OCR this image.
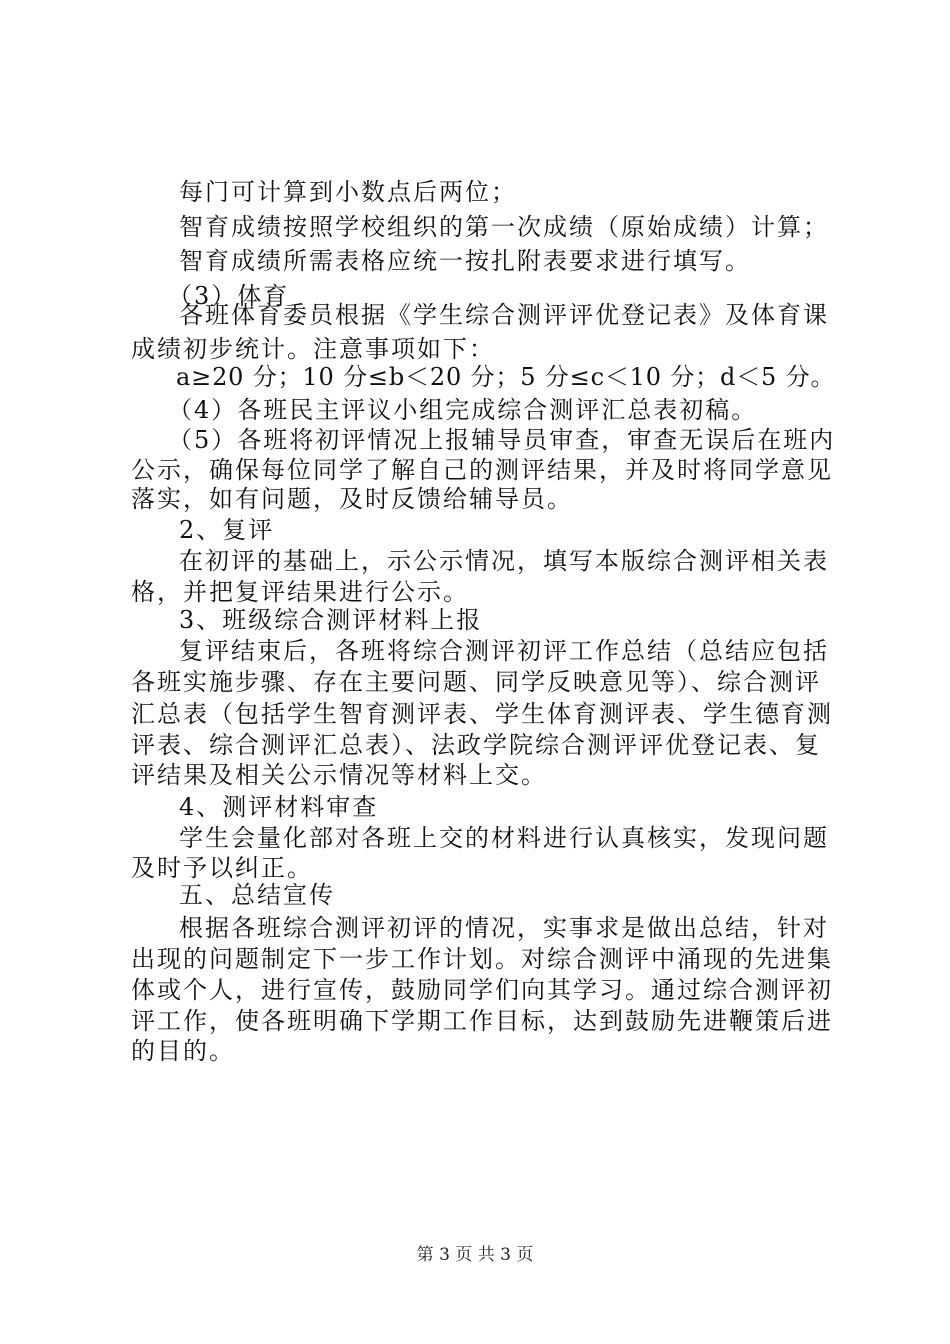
每门可计算到小数点后两位；
智育成绩按照学校组织的第一次成绩（原始成绩）计算；
智育成绩所需表格应统一按扎附表要求进行填写。
（3）体育
各班体育委员根据《学生综合测评评优登记表》及体育课
成绩初步统计。注意事项如下：
a≥20 分；10 分≤b＜20 分；5 分≤c＜10 分；d＜5 分。
（4）各班民主评议小组完成综合测评汇总表初稿。
（5）各班将初评情况上报辅导员审查，审查无误后在班内
公示，确保每位同学了解自己的测评结果，并及时将同学意见
落实，如有问题，及时反馈给辅导员。
2、复评
在初评的基础上，示公示情况，填写本版综合测评相关表
格，并把复评结果进行公示。
3、班级综合测评材料上报
复评结束后，各班将综合测评初评工作总结（总结应包括
各班实施步骤、存在主要问题、同学反映意见等）、综合测评
汇总表（包括学生智育测评表、学生体育测评表、学生德育测
评表、综合测评汇总表）、法政学院综合测评评优登记表、复
评结果及相关公示情况等材料上交。
4、测评材料审查
学生会量化部对各班上交的材料进行认真核实，发现问题
及时予以纠正。
五、总结宣传
根据各班综合测评初评的情况，实事求是做出总结，针对
出现的问题制定下一步工作计划。对综合测评中涌现的先进集
体或个人，进行宣传，鼓励同学们向其学习。通过综合测评初
评工作，使各班明确下学期工作目标，达到鼓励先进鞭策后进
的目的。
第 3 页 共 3 页
